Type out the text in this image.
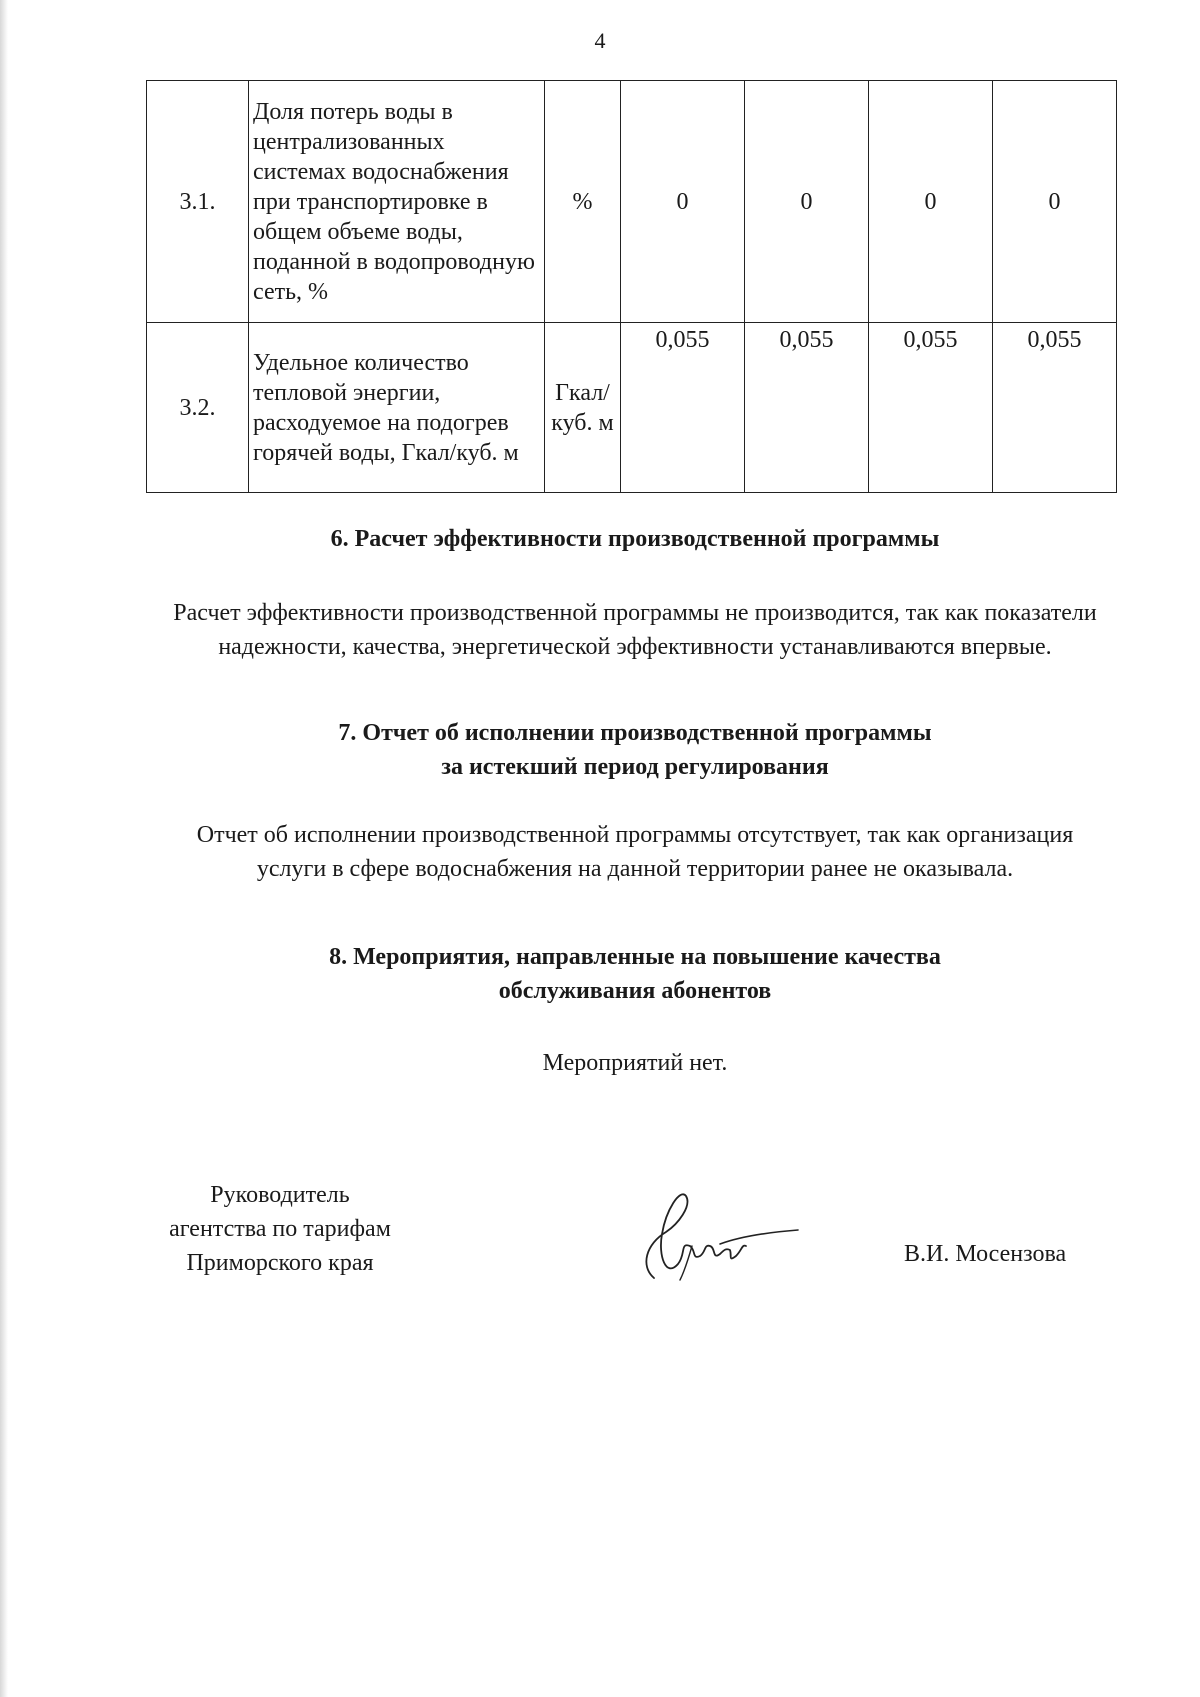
4
3.1.	Доля потерь воды в централизованных системах водоснабжения при транспортировке в общем объеме воды, поданной в водопроводную сеть, %	%	0	0	0	0
3.2.	Удельное количество тепловой энергии, расходуемое на подогрев горячей воды, Гкал/куб. м	Гкал/ куб. м	0,055	0,055	0,055	0,055
6. Расчет эффективности производственной программы

Расчет эффективности производственной программы не производится, так как показатели надежности, качества, энергетической эффективности устанавливаются впервые.

7. Отчет об исполнении производственной программы
за истекший период регулирования

Отчет об исполнении производственной программы отсутствует, так как организация услуги в сфере водоснабжения на данной территории ранее не оказывала.

8. Мероприятия, направленные на повышение качества
обслуживания абонентов

Мероприятий нет.

Руководитель
агентства по тарифам
Приморского края	В.И. Мосензова
